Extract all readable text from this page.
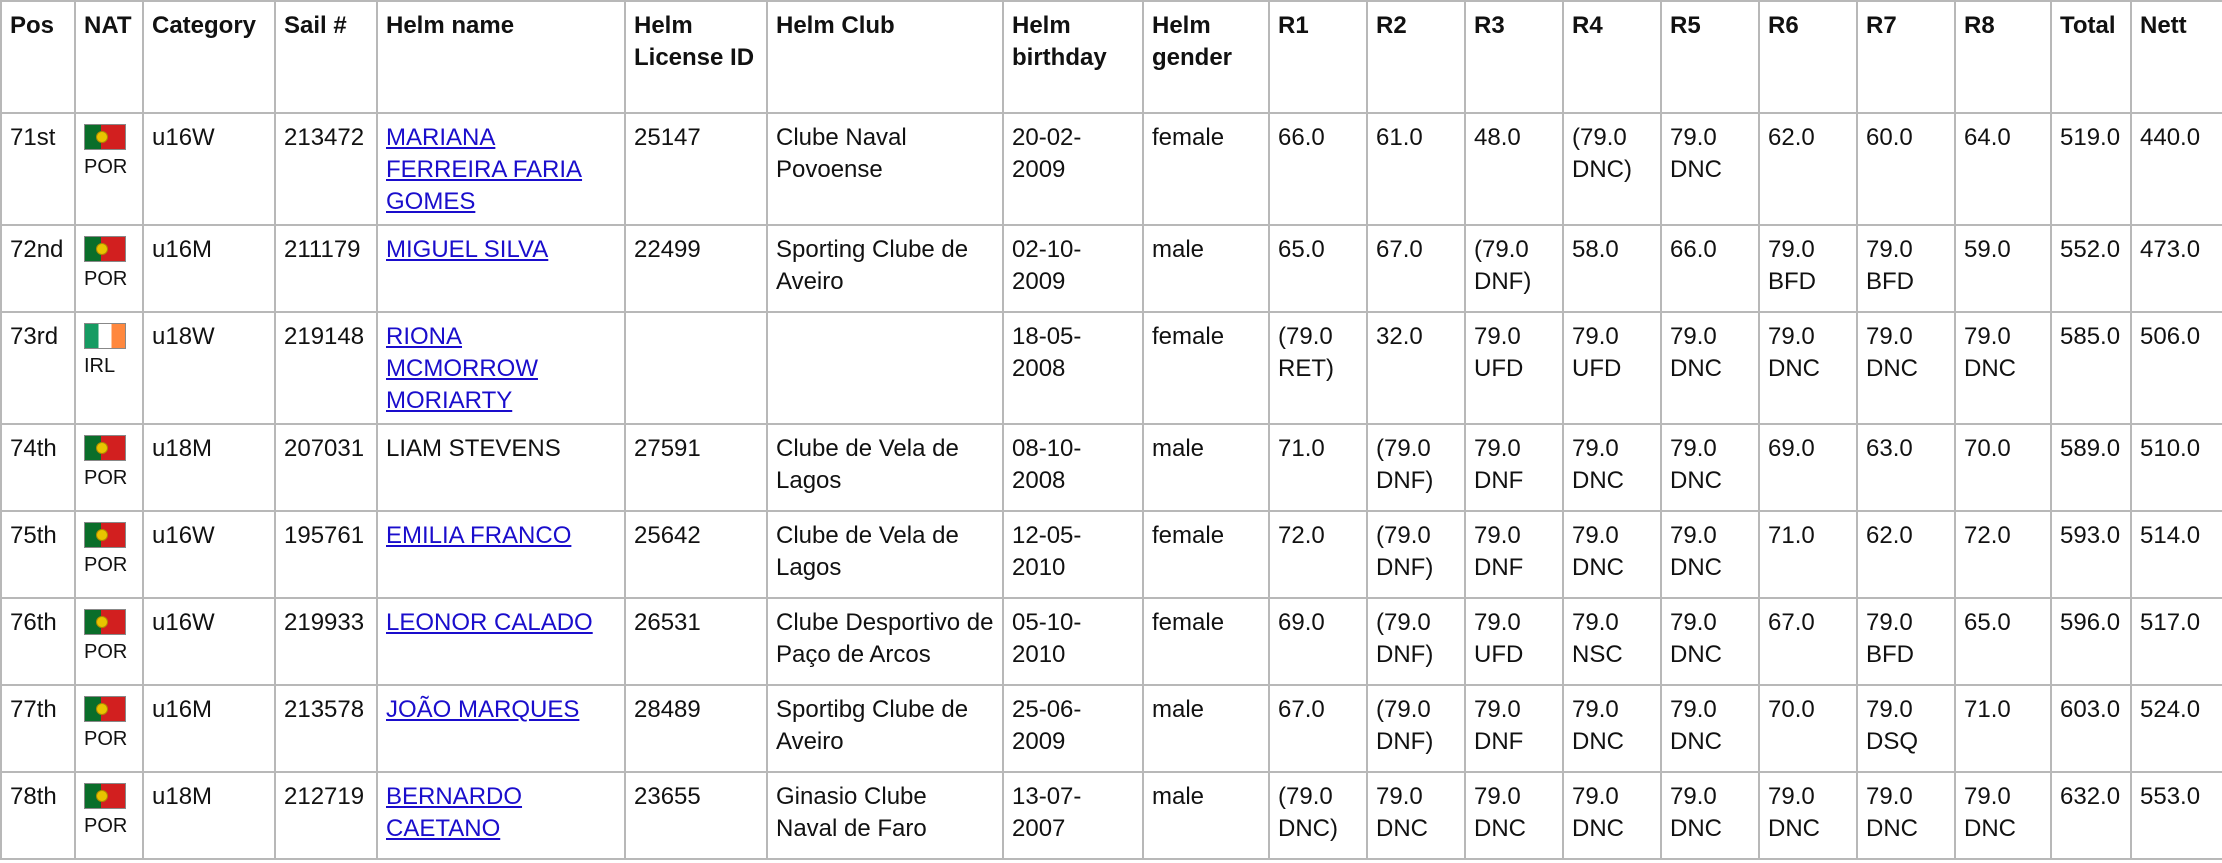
Pos	NAT	Category	Sail #	Helm name	Helm License ID	Helm Club	Helm birthday	Helm gender	R1	R2	R3	R4	R5	R6	R7	R8	Total	Nett
71st	POR	u16W	213472	MARIANA FERREIRA FARIA GOMES	25147	Clube Naval Povoense	20-02-2009	female	66.0	61.0	48.0	(79.0 DNC)	79.0 DNC	62.0	60.0	64.0	519.0	440.0
72nd	POR	u16M	211179	MIGUEL SILVA	22499	Sporting Clube de Aveiro	02-10-2009	male	65.0	67.0	(79.0 DNF)	58.0	66.0	79.0 BFD	79.0 BFD	59.0	552.0	473.0
73rd	IRL	u18W	219148	RIONA MCMORROW MORIARTY			18-05-2008	female	(79.0 RET)	32.0	79.0 UFD	79.0 UFD	79.0 DNC	79.0 DNC	79.0 DNC	79.0 DNC	585.0	506.0
74th	POR	u18M	207031	LIAM STEVENS	27591	Clube de Vela de Lagos	08-10-2008	male	71.0	(79.0 DNF)	79.0 DNF	79.0 DNC	79.0 DNC	69.0	63.0	70.0	589.0	510.0
75th	POR	u16W	195761	EMILIA FRANCO	25642	Clube de Vela de Lagos	12-05-2010	female	72.0	(79.0 DNF)	79.0 DNF	79.0 DNC	79.0 DNC	71.0	62.0	72.0	593.0	514.0
76th	POR	u16W	219933	LEONOR CALADO	26531	Clube Desportivo de Paço de Arcos	05-10-2010	female	69.0	(79.0 DNF)	79.0 UFD	79.0 NSC	79.0 DNC	67.0	79.0 BFD	65.0	596.0	517.0
77th	POR	u16M	213578	JOÃO MARQUES	28489	Sportibg Clube de Aveiro	25-06-2009	male	67.0	(79.0 DNF)	79.0 DNF	79.0 DNC	79.0 DNC	70.0	79.0 DSQ	71.0	603.0	524.0
78th	POR	u18M	212719	BERNARDO CAETANO	23655	Ginasio Clube Naval de Faro	13-07-2007	male	(79.0 DNC)	79.0 DNC	79.0 DNC	79.0 DNC	79.0 DNC	79.0 DNC	79.0 DNC	79.0 DNC	632.0	553.0
